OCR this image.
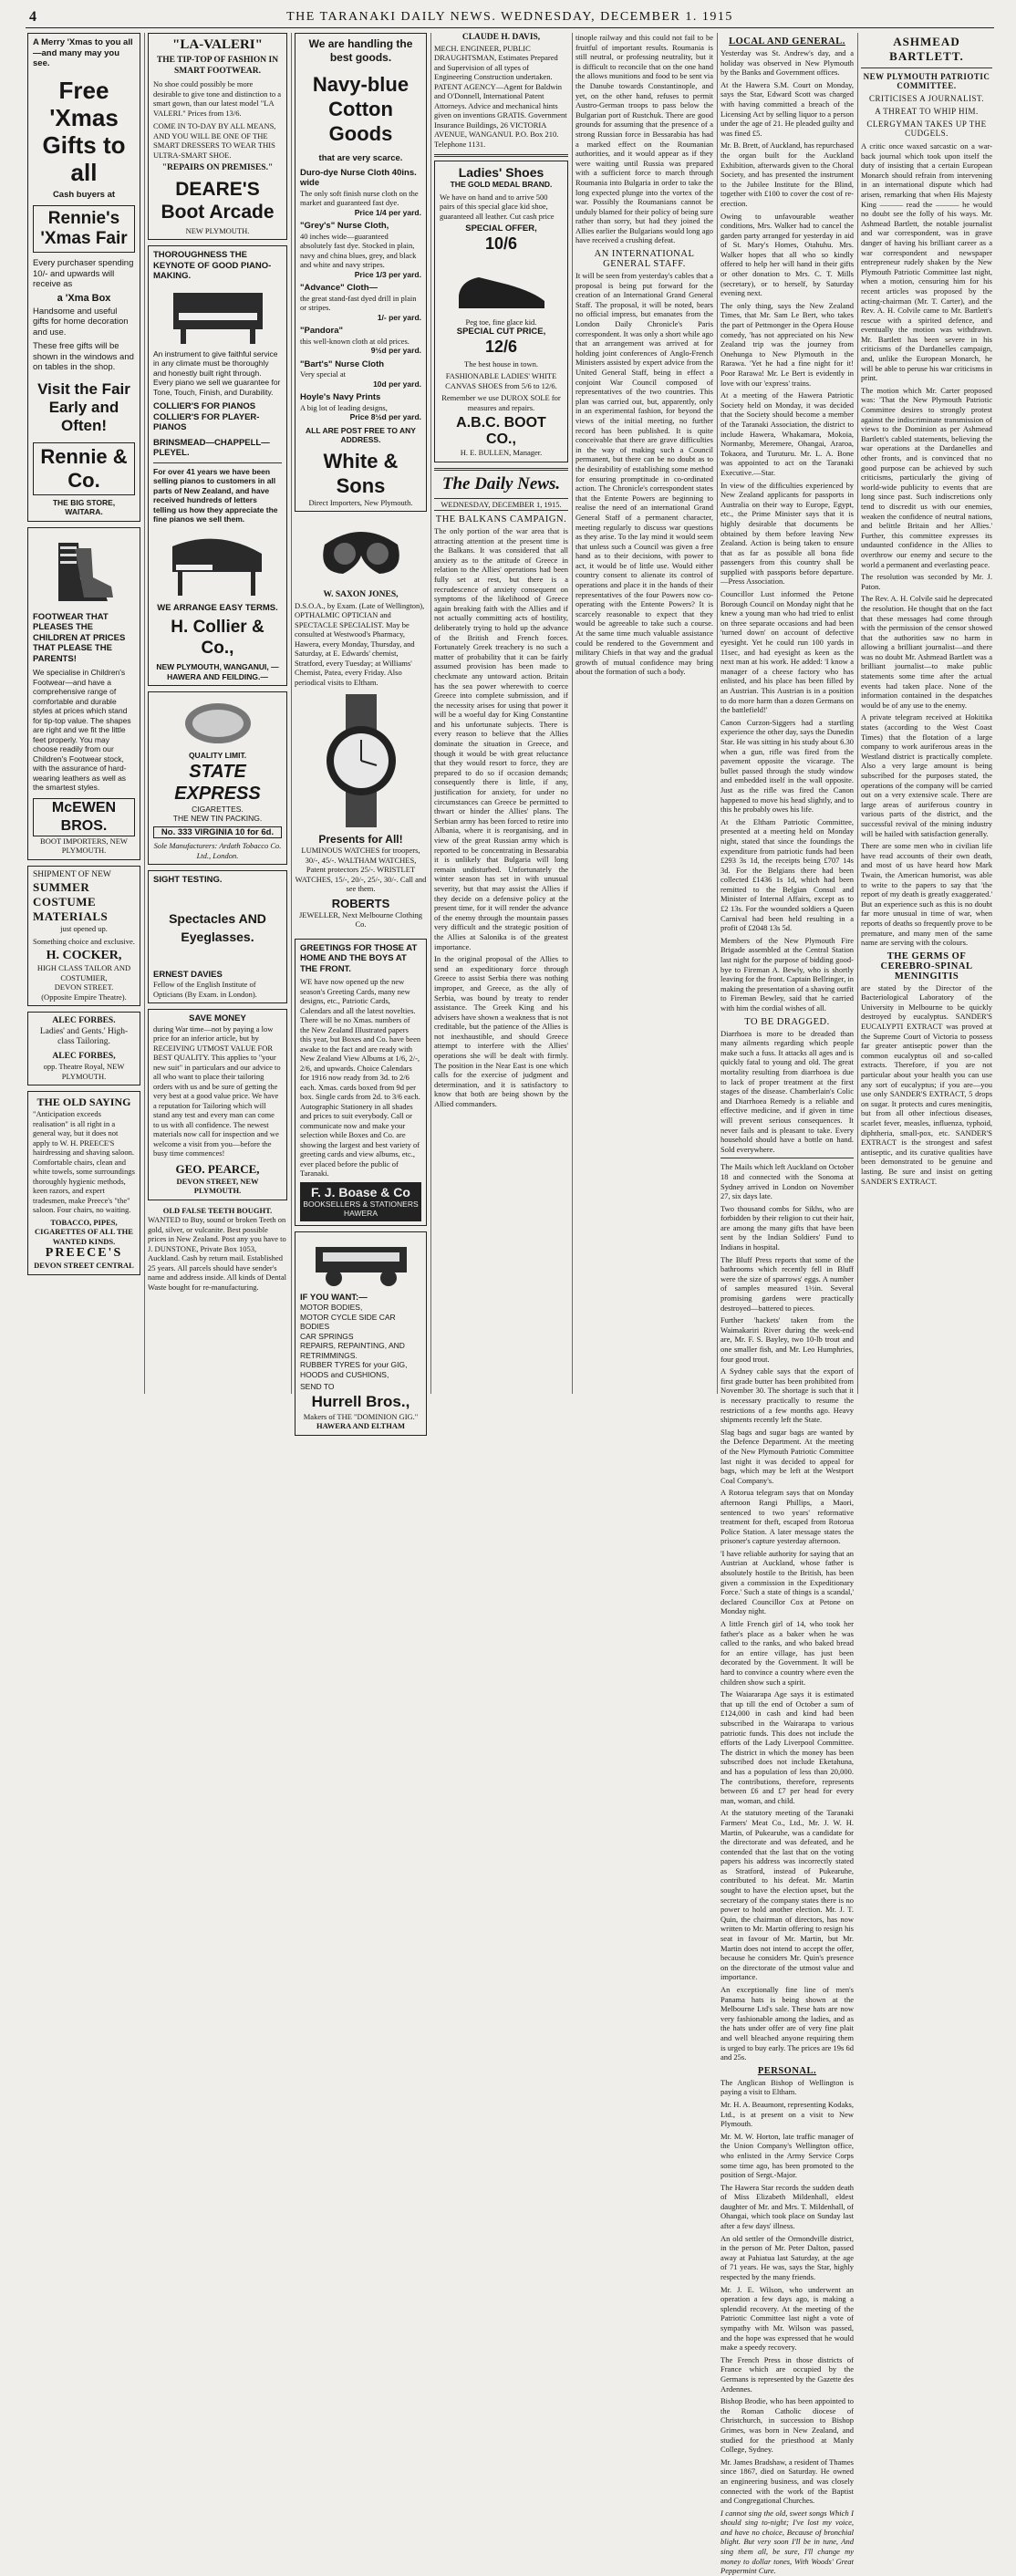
4	THE TARANAKI DAILY NEWS. WEDNESDAY, DECEMBER 1. 1915
A Merry 'Xmas to you all—and many may you see.
Free 'Xmas Gifts to all
Cash buyers at
Rennie's 'Xmas Fair
Every purchaser spending 10/- and upwards will receive as
a 'Xma Box
Handsome and useful gifts for home decoration and use.
These free gifts will be shown in the windows and on tables in the shop.
Visit the Fair Early and Often!
Rennie & Co.
THE BIG STORE, WAITARA.
FOOTWEAR THAT PLEASES THE CHILDREN AT PRICES THAT PLEASE THE PARENTS!
We specialise in Children's Footwear—and have a comprehensive range of comfortable and durable styles at prices which stand for tip-top value. The shapes are right and we fit the little feet properly. You may choose readily from our Children's Footwear stock, with the assurance of hard-wearing leathers as well as the smartest styles.
McEWEN BROS.
BOOT IMPORTERS, NEW PLYMOUTH.
SHIPMENT OF NEW
SUMMER COSTUME MATERIALS
just opened up.
Something choice and exclusive.
H. COCKER,
HIGH CLASS TAILOR AND COSTUMIER,
DEVON STREET.
(Opposite Empire Theatre).
ALEC FORBES.
Ladies' and Gents.' High-class Tailoring.
ALEC FORBES,
opp. Theatre Royal, NEW PLYMOUTH.
THE OLD SAYING
"Anticipation exceeds realisation" is all right in a general way, but it does not apply to W. H. PREECE'S hairdressing and shaving saloon. Comfortable chairs, clean and white towels, some surroundings thoroughly hygienic methods, keen razors, and expert tradesmen, make Preece's "the" saloon. Four chairs, no waiting.
TOBACCO, PIPES, CIGARETTES OF ALL THE WANTED KINDS.
PREECE'S
DEVON STREET CENTRAL
"LA-VALERI"
THE TIP-TOP OF FASHION IN SMART FOOTWEAR.
No shoe could possibly be more desirable to give tone and distinction to a smart gown, than our latest model "LA VALERI." Prices from 13/6.
COME IN TO-DAY BY ALL MEANS, AND YOU WILL BE ONE OF THE SMART DRESSERS TO WEAR THIS ULTRA-SMART SHOE.
"REPAIRS ON PREMISES."
DEARE'S Boot Arcade
NEW PLYMOUTH.
THOROUGHNESS THE KEYNOTE OF GOOD PIANO-MAKING.
An instrument to give faithful service in any climate must be thoroughly and honestly built right through. Every piano we sell we guarantee for Tone, Touch, Finish, and Durability.
COLLIER'S FOR PIANOS COLLIER'S FOR PLAYER-PIANOS
BRINSMEAD—CHAPPELL—PLEYEL.
For over 41 years we have been selling pianos to customers in all parts of New Zealand, and have received hundreds of letters telling us how they appreciate the fine pianos we sell them.
WE ARRANGE EASY TERMS.
H. Collier & Co.,
NEW PLYMOUTH, WANGANUI, —HAWERA AND FEILDING.—
QUALITY LIMIT.
STATE EXPRESS
CIGARETTES.
THE NEW TIN PACKING.
No. 333 VIRGINIA 10 for 6d.
Sole Manufacturers: Ardath Tobacco Co. Ltd., London.
SIGHT TESTING.
Spectacles AND Eyeglasses.
ERNEST DAVIES
Fellow of the English Institute of Opticians (By Exam. in London).
SAVE MONEY
during War time—not by paying a low price for an inferior article, but by RECEIVING UTMOST VALUE FOR BEST QUALITY. This applies to "your new suit" in particulars and our advice to all who want to place their tailoring orders with us and be sure of getting the very best at a good value price. We have a reputation for Tailoring which will stand any test and every man can come to us with all confidence. The newest materials now call for inspection and we welcome a visit from you—before the busy time commences!
GEO. PEARCE,
DEVON STREET, NEW PLYMOUTH.
OLD FALSE TEETH BOUGHT.
WANTED to Buy, sound or broken Teeth on gold, silver, or vulcanite. Best possible prices in New Zealand. Post any you have to J. DUNSTONE, Private Box 1053, Auckland. Cash by return mail. Established 25 years. All parcels should have sender's name and address inside. All kinds of Dental Waste bought for re-manufacturing.
We are handling the best goods.
Navy-blue Cotton Goods
that are very scarce.
Duro-dye Nurse Cloth 40ins. wide
The only soft finish nurse cloth on the market and guaranteed fast dye.
Price 1/4 per yard.
"Grey's" Nurse Cloth,
40 inches wide—guaranteed absolutely fast dye. Stocked in plain, navy and china blues, grey, and black and white and navy stripes.
Price 1/3 per yard.
"Advance" Cloth—
the great stand-fast dyed drill in plain or stripes.
1/- per yard.
"Pandora"
this well-known cloth at old prices.
9½d per yard.
"Bart's" Nurse Cloth
Very special at
10d per yard.
Hoyle's Navy Prints
A big lot of leading designs,
Price 8½d per yard.
ALL ARE POST FREE TO ANY ADDRESS.
White & Sons
Direct Importers, New Plymouth.
W. SAXON JONES,
D.S.O.A., by Exam. (Late of Wellington), OPTHALMIC OPTICIAN and SPECTACLE SPECIALIST. May be consulted at Westwood's Pharmacy, Hawera, every Monday, Thursday, and Saturday, at E. Edwards' chemist, Stratford, every Tuesday; at Williams' Chemist, Patea, every Friday. Also periodical visits to Eltham.
Presents for All!
LUMINOUS WATCHES for troopers, 30/-, 45/-. WALTHAM WATCHES, Patent protectors 25/-. WRISTLET WATCHES, 15/-, 20/-, 25/-, 30/-. Call and see them.
ROBERTS
JEWELLER, Next Melbourne Clothing Co.
GREETINGS FOR THOSE AT HOME AND THE BOYS AT THE FRONT.
WE have now opened up the new season's Greeting Cards, many new designs, etc., Patriotic Cards, Calendars and all the latest novelties. There will be no Xmas. numbers of the New Zealand Illustrated papers this year, but Boxes and Co. have been awake to the fact and are ready with New Zealand View Albums at 1/6, 2/-, 2/6, and upwards. Choice Calendars for 1916 now ready from 3d. to 2/6 each. Xmas. cards boxed from 9d per box. Single cards from 2d. to 3/6 each. Autographic Stationery in all shades and prices to suit everybody. Call or communicate now and make your selection while Boxes and Co. are showing the largest and best variety of greeting cards and view albums, etc., ever placed before the public of Taranaki.
F. J. Boase & Co
BOOKSELLERS & STATIONERS HAWERA
IF YOU WANT:—
MOTOR BODIES,
MOTOR CYCLE SIDE CAR BODIES
CAR SPRINGS
REPAIRS, REPAINTING, AND RETRIMMINGS.
RUBBER TYRES for your GIG, HOODS and CUSHIONS,
SEND TO
Hurrell Bros.,
Makers of THE "DOMINION GIG."
HAWERA AND ELTHAM
CLAUDE H. DAVIS,
MECH. ENGINEER, PUBLIC DRAUGHTSMAN, Estimates Prepared and Supervision of all types of Engineering Construction undertaken. PATENT AGENCY—Agent for Baldwin and O'Donnell, International Patent Attorneys. Advice and mechanical hints given on inventions GRATIS. Government Insurance Buildings, 26 VICTORIA AVENUE, WANGANUI. P.O. Box 210. Telephone 1131.
Ladies' Shoes
THE GOLD MEDAL BRAND.
We have on hand and to arrive 500 pairs of this special glace kid shoe, guaranteed all leather. Cut cash price
SPECIAL OFFER,
10/6
Peg toe, fine glace kid.
SPECIAL CUT PRICE,
12/6
The best house in town.
FASHIONABLE LADIES' WHITE CANVAS SHOES from 5/6 to 12/6.
Remember we use DUROX SOLE for measures and repairs.
A.B.C. BOOT CO.,
H. E. BULLEN, Manager.
The Daily News.
WEDNESDAY, DECEMBER 1, 1915.
THE BALKANS CAMPAIGN.
The only portion of the war area that is attracting attention at the present time is the Balkans. It was considered that all anxiety as to the attitude of Greece in relation to the Allies' operations had been fully set at rest, but there is a recrudescence of anxiety consequent on symptoms of the likelihood of Greece again breaking faith with the Allies and if not actually committing acts of hostility, deliberately trying to hold up the advance of the British and French forces. Fortunately Greek treachery is no such a matter of probability that it can be fairly assumed provision has been made to checkmate any untoward action. Britain has the sea power wherewith to coerce Greece into complete submission, and if the necessity arises for using that power it will be a woeful day for King Constantine and his unfortunate subjects. There is every reason to believe that the Allies dominate the situation in Greece, and though it would be with great reluctance that they would resort to force, they are prepared to do so if occasion demands; consequently there is little, if any, justification for anxiety, for under no circumstances can Greece be permitted to thwart or hinder the Allies' plans. The Serbian army has been forced to retire into Albania, where it is reorganising, and in view of the great Russian army which is reported to be concentrating in Bessarabia it is unlikely that Bulgaria will long remain undisturbed. Unfortunately the winter season has set in with unusual severity, but that may assist the Allies if they decide on a defensive policy at the present time, for it will render the advance of the enemy through the mountain passes very difficult and the strategic position of the Allies at Salonika is of the greatest importance.
In the original proposal of the Allies to send an expeditionary force through Greece to assist Serbia there was nothing improper, and Greece, as the ally of Serbia, was bound by treaty to render assistance. The Greek King and his advisers have shown a weakness that is not creditable, but the patience of the Allies is not inexhaustible, and should Greece attempt to interfere with the Allies' operations she will be dealt with firmly. The position in the Near East is one which calls for the exercise of judgment and determination, and it is satisfactory to know that both are being shown by the Allied commanders.
tinople railway and this could not fail to be fruitful of important results. Roumania is still neutral, or professing neutrality, but it is difficult to reconcile that on the one hand the allows munitions and food to be sent via the Danube towards Constantinople, and yet, on the other hand, refuses to permit Austro-German troops to pass below the Bulgarian port of Rustchuk. There are good grounds for assuming that the presence of a strong Russian force in Bessarabia has had a marked effect on the Roumanian authorities, and it would appear as if they were waiting until Russia was prepared with a sufficient force to march through Roumania into Bulgaria in order to take the long expected plunge into the vortex of the war. Possibly the Roumanians cannot be unduly blamed for their policy of being sure rather than sorry, but had they joined the Allies earlier the Bulgarians would long ago have received a crushing defeat.
AN INTERNATIONAL GENERAL STAFF.
It will be seen from yesterday's cables that a proposal is being put forward for the creation of an International Grand General Staff. The proposal, it will be noted, bears no official impress, but emanates from the London Daily Chronicle's Paris correspondent. It was only a short while ago that an arrangement was arrived at for holding joint conferences of Anglo-French Ministers assisted by expert advice from the United General Staff, being in effect a conjoint War Council composed of representatives of the two countries. This plan was carried out, but, apparently, only in an experimental fashion, for beyond the views of the initial meeting, no further record has been published. It is quite conceivable that there are grave difficulties in the way of making such a Council permanent, but there can be no doubt as to the desirability of establishing some method for ensuring promptitude in co-ordinated action. The Chronicle's correspondent states that the Entente Powers are beginning to realise the need of an international Grand General Staff of a permanent character, meeting regularly to discuss war questions as they arise. To the lay mind it would seem that unless such a Council was given a free hand as to their decisions, with power to act, it would be of little use. Would either country consent to alienate its control of operations and place it in the hands of their representatives of the four Powers now co-operating with the Entente Powers? It is scarcely reasonable to expect that they would be agreeable to take such a course. At the same time much valuable assistance could be rendered to the Government and military Chiefs in that way and the gradual growth of mutual confidence may bring about the formation of such a body.
LOCAL AND GENERAL.
Yesterday was St. Andrew's day, and a holiday was observed in New Plymouth by the Banks and Government offices.
At the Hawera S.M. Court on Monday, says the Star, Edward Scott was charged with having committed a breach of the Licensing Act by selling liquor to a person under the age of 21. He pleaded guilty and was fined £5.
Mr. B. Brett, of Auckland, has repurchased the organ built for the Auckland Exhibition, afterwards given to the Choral Society, and has presented the instrument to the Jubilee Institute for the Blind, together with £100 to cover the cost of re-erection.
Owing to unfavourable weather conditions, Mrs. Walker had to cancel the garden party arranged for yesterday in aid of St. Mary's Homes, Otahuhu. Mrs. Walker hopes that all who so kindly offered to help her will hand in their gifts or other donation to Mrs. C. T. Mills (secretary), or to herself, by Saturday evening next.
The only thing, says the New Zealand Times, that Mr. Sam Le Bert, who takes the part of Pettmonger in the Opera House comedy, 'has not appreciated on his New Zealand trip was the journey from Onehunga to New Plymouth in the Rarawa. 'Yet he had a fine night for it! Poor Rarawa! Mr. Le Bert is evidently in love with our 'express' trains.
At a meeting of the Hawera Patriotic Society held on Monday, it was decided that the Society should become a member of the Taranaki Association, the district to include Hawera, Whakamara, Mokoia, Normanby, Meremere, Ohangai, Araroa, Tokaora, and Turuturu. Mr. L. A. Bone was appointed to act on the Taranaki Executive.—Star.
In view of the difficulties experienced by New Zealand applicants for passports in Australia on their way to Europe, Egypt, etc., the Prime Minister says that it is highly desirable that documents be obtained by them before leaving New Zealand. Action is being taken to ensure that as far as possible all bona fide passengers from this country shall be supplied with passports before departure.—Press Association.
Councillor Lust informed the Petone Borough Council on Monday night that he knew a young man who had tried to enlist on three separate occasions and had been 'turned down' on account of defective eyesight. Yet he could run 100 yards in 11sec, and had eyesight as keen as the next man at his work. He added: 'I know a manager of a cheese factory who has enlisted, and his place has been filled by an Austrian. This Austrian is in a position to do more harm than a dozen Germans on the battlefield!'
Canon Curzon-Siggers had a startling experience the other day, says the Dunedin Star. He was sitting in his study about 6.30 when a gun, rifle was fired from the pavement opposite the vicarage. The bullet passed through the study window and embedded itself in the wall opposite. Just as the rifle was fired the Canon happened to move his head slightly, and to this he probably owes his life.
At the Eltham Patriotic Committee, presented at a meeting held on Monday night, stated that since the foundings the expenditure from patriotic funds had been £293 3s 1d, the receipts being £707 14s 3d. For the Belgians there had been collected £1436 1s 1d, which had been remitted to the Belgian Consul and Minister of Internal Affairs, except as to £2 13s. For the wounded soldiers a Queen Carnival had been held resulting in a profit of £2048 13s 5d.
Members of the New Plymouth Fire Brigade assembled at the Central Station last night for the purpose of bidding good-bye to Fireman A. Bewly, who is shortly leaving for the front. Captain Bellringer, in making the presentation of a shaving outfit to Fireman Bewley, said that he carried with him the cordial wishes of all.
TO BE DRAGGED.
Diarrhoea is more to be dreaded than many ailments regarding which people make such a fuss. It attacks all ages and is quickly fatal to young and old. The great mortality resulting from diarrhoea is due to lack of proper treatment at the first stages of the disease. Chamberlain's Colic and Diarrhoea Remedy is a reliable and effective medicine, and if given in time will prevent serious consequences. It never fails and is pleasant to take. Every household should have a bottle on hand. Sold everywhere.
The Mails which left Auckland on October 18 and connected with the Sonoma at Sydney arrived in London on November 27, six days late.
Two thousand combs for Sikhs, who are forbidden by their religion to cut their hair, are among the many gifts that have been sent by the Indian Soldiers' Fund to Indians in hospital.
The Bluff Press reports that some of the bathrooms which recently fell in Bluff were the size of sparrows' eggs. A number of samples measured 1½in. Several promising gardens were practically destroyed—battered to pieces.
Further 'hackets' taken from the Waimakariri River during the week-end are, Mr. F. S. Bayley, two 10-lb trout and one smaller fish, and Mr. Leo Humphries, four good trout.
A Sydney cable says that the export of first grade butter has been prohibited from November 30. The shortage is such that it is necessary practically to resume the restrictions of a few months ago. Heavy shipments recently left the State.
Slag bags and sugar bags are wanted by the Defence Department. At the meeting of the New Plymouth Patriotic Committee last night it was decided to appeal for bags, which may be left at the Westport Coal Company's.
A Rotorua telegram says that on Monday afternoon Rangi Phillips, a Maori, sentenced to two years' reformative treatment for theft, escaped from Rotorua Police Station. A later message states the prisoner's capture yesterday afternoon.
'I have reliable authority for saying that an Austrian at Auckland, whose father is absolutely hostile to the British, has been given a commission in the Expeditionary Force.' Such a state of things is a scandal,' declared Councillor Cox at Petone on Monday night.
A little French girl of 14, who took her father's place as a baker when he was called to the ranks, and who baked bread for an entire village, has just been decorated by the Government. It will be hard to convince a country where even the children show such a spirit.
The Waiararapa Age says it is estimated that up till the end of October a sum of £124,000 in cash and kind had been subscribed in the Wairarapa to various patriotic funds. This does not include the efforts of the Lady Liverpool Committee. The district in which the money has been subscribed does not include Eketahuna, and has a population of less than 20,000. The contributions, therefore, represents between £6 and £7 per head for every man, woman, and child.
At the statutory meeting of the Taranaki Farmers' Meat Co., Ltd., Mr. J. W. H. Martin, of Pukearuhe, was a candidate for the directorate and was defeated, and he contended that the last that on the voting papers his address was incorrectly stated as Stratford, instead of Pukearuhe, contributed to his defeat. Mr. Martin sought to have the election upset, but the secretary of the company states there is no power to hold another election. Mr. J. T. Quin, the chairman of directors, has now written to Mr. Martin offering to resign his seat in favour of Mr. Martin, but Mr. Martin does not intend to accept the offer, because he considers Mr. Quin's presence on the directorate of the utmost value and importance.
An exceptionally fine line of men's Panama hats is being shown at the Melbourne Ltd's sale. These hats are now very fashionable among the ladies, and as the hats under offer are of very fine plait and well bleached anyone requiring them is urged to buy early. The prices are 19s 6d and 25s.
PERSONAL.
The Anglican Bishop of Wellington is paying a visit to Eltham.
Mr. H. A. Beaumont, representing Kodaks, Ltd., is at present on a visit to New Plymouth.
Mr. M. W. Horton, late traffic manager of the Union Company's Wellington office, who enlisted in the Army Service Corps some time ago, has been promoted to the position of Sergt.-Major.
The Hawera Star records the sudden death of Miss Elizabeth Mildenhall, eldest daughter of Mr. and Mrs. T. Mildenhall, of Ohangai, which took place on Sunday last after a few days' illness.
An old settler of the Ormondville district, in the person of Mr. Peter Dalton, passed away at Pahiatua last Saturday, at the age of 71 years. He was, says the Star, highly respected by the many friends.
Mr. J. E. Wilson, who underwent an operation a few days ago, is making a splendid recovery. At the meeting of the Patriotic Committee last night a vote of sympathy with Mr. Wilson was passed, and the hope was expressed that he would make a speedy recovery.
The French Press in those districts of France which are occupied by the Germans is represented by the Gazette des Ardennes.
Bishop Brodie, who has been appointed to the Roman Catholic diocese of Christchurch, in succession to Bishop Grimes, was born in New Zealand, and studied for the priesthood at Manly College, Sydney.
Mr. James Bradshaw, a resident of Thames since 1867, died on Saturday. He owned an engineering business, and was closely connected with the work of the Baptist and Congregational Churches.
I cannot sing the old, sweet songs Which I should sing to-night; I've lost my voice, and have no choice, Because of bronchial blight. But very soon I'll be in tune, And sing them all, be sure, I'll change my money to dollar tones, With Woods' Great Peppermint Cure.
ASHMEAD BARTLETT.
NEW PLYMOUTH PATRIOTIC COMMITTEE.
CRITICISES A JOURNALIST.
A THREAT TO WHIP HIM.
CLERGYMAN TAKES UP THE CUDGELS.
A critic once waxed sarcastic on a war-back journal which took upon itself the duty of insisting that a certain European Monarch should refrain from intervening in an international dispute which had arisen, remarking that when His Majesty King ——— read the ——— he would no doubt see the folly of his ways. Mr. Ashmead Bartlett, the notable journalist and war correspondent, was in grave danger of having his brilliant career as a war correspondent and newspaper entrepreneur rudely shaken by the New Plymouth Patriotic Committee last night, when a motion, censuring him for his recent articles was proposed by the acting-chairman (Mr. T. Carter), and the Rev. A. H. Colvile came to Mr. Bartlett's rescue with a spirited defence, and eventually the motion was withdrawn. Mr. Bartlett has been severe in his criticisms of the Dardanelles campaign, and, unlike the European Monarch, he will be able to peruse his war criticisms in print.
The motion which Mr. Carter proposed was: 'That the New Plymouth Patriotic Committee desires to strongly protest against the indiscriminate transmission of views to the Dominion as per Ashmead Bartlett's cabled statements, believing the war operations at the Dardanelles and other fronts, and is convinced that no good purpose can be achieved by such criticisms, particularly the giving of world-wide publicity to events that are long since past. Such indiscretions only tend to discredit us with our enemies, weaken the confidence of neutral nations, and belittle Britain and her Allies.' Further, this committee expresses its undaunted confidence in the Allies to overthrow our enemy and secure to the world a permanent and everlasting peace.
The resolution was seconded by Mr. J. Paton.
The Rev. A. H. Colvile said he deprecated the resolution. He thought that on the fact that these messages had come through with the permission of the censor showed that the authorities saw no harm in allowing a brilliant journalist—and there was no doubt Mr. Ashmead Bartlett was a brilliant journalist—to make public statements some time after the actual events had taken place. None of the information contained in the despatches would be of any use to the enemy.
A private telegram received at Hokitika states (according to the West Coast Times) that the flotation of a large company to work auriferous areas in the Westland district is practically complete. Also a very large amount is being subscribed for the purposes stated, the operations of the company will be carried out on a very extensive scale. There are large areas of auriferous country in various parts of the district, and the successful revival of the mining industry will be hailed with satisfaction generally.
There are some men who in civilian life have read accounts of their own death, and most of us have heard how Mark Twain, the American humorist, was able to write to the papers to say that 'the report of my death is greatly exaggerated.' But an experience such as this is no doubt far more unusual in time of war, when reports of deaths so frequently prove to be premature, and many men of the same name are serving with the colours.
THE GERMS OF CEREBRO-SPINAL MENINGITIS
are stated by the Director of the Bacteriological Laboratory of the University in Melbourne to be quickly destroyed by eucalyptus. SANDER'S EUCALYPTI EXTRACT was proved at the Supreme Court of Victoria to possess far greater antiseptic power than the common eucalyptus oil and so-called extracts. Therefore, if you are not particular about your health you can use any sort of eucalyptus; if you are—you use only SANDER'S EXTRACT, 5 drops on sugar. It protects and cures meningitis, but from all other infectious diseases, scarlet fever, measles, influenza, typhoid, diphtheria, small-pox, etc. SANDER'S EXTRACT is the strongest and safest antiseptic, and its curative qualities have been demonstrated to be genuine and lasting. Be sure and insist on getting SANDER'S EXTRACT.
